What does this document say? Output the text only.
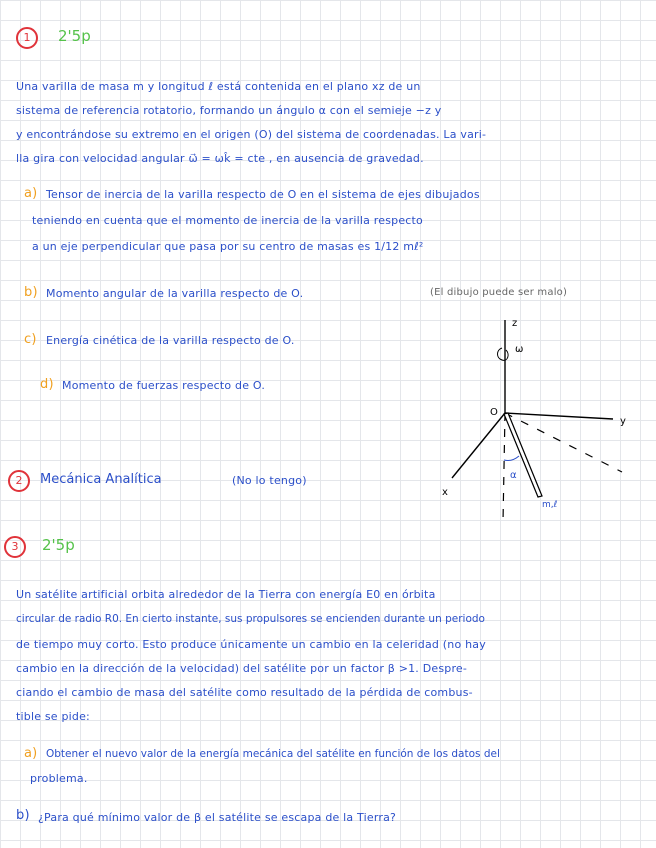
1	2'5p
Una varilla de masa m y longitud ℓ está contenida en el plano xz de un
sistema de referencia rotatorio, formando un ángulo α con el semieje −z y
y encontrándose su extremo en el origen (O) del sistema de coordenadas. La vari-
lla gira con velocidad angular ω⃗ = ωk̂ = cte , en ausencia de gravedad.
a) Tensor de inercia de la varilla respecto de O en el sistema de ejes dibujados
teniendo en cuenta que el momento de inercia de la varilla respecto
a un eje perpendicular que pasa por su centro de masas es 1/12 mℓ²
b) Momento angular de la varilla respecto de O.	(El dibujo puede ser malo)
c) Energía cinética de la varilla respecto de O.
d) Momento de fuerzas respecto de O.
z
ω
O
y
x
α
m,ℓ
2	Mecánica Analítica	(No lo tengo)
3	2'5p
Un satélite artificial orbita alrededor de la Tierra con energía E0 en órbita
circular de radio R0. En cierto instante, sus propulsores se encienden durante un periodo
de tiempo muy corto. Esto produce únicamente un cambio en la celeridad (no hay
cambio en la dirección de la velocidad) del satélite por un factor β >1. Despre-
ciando el cambio de masa del satélite como resultado de la pérdida de combus-
tible se pide:
a) Obtener el nuevo valor de la energía mecánica del satélite en función de los datos del
problema.
b) ¿Para qué mínimo valor de β el satélite se escapa de la Tierra?
